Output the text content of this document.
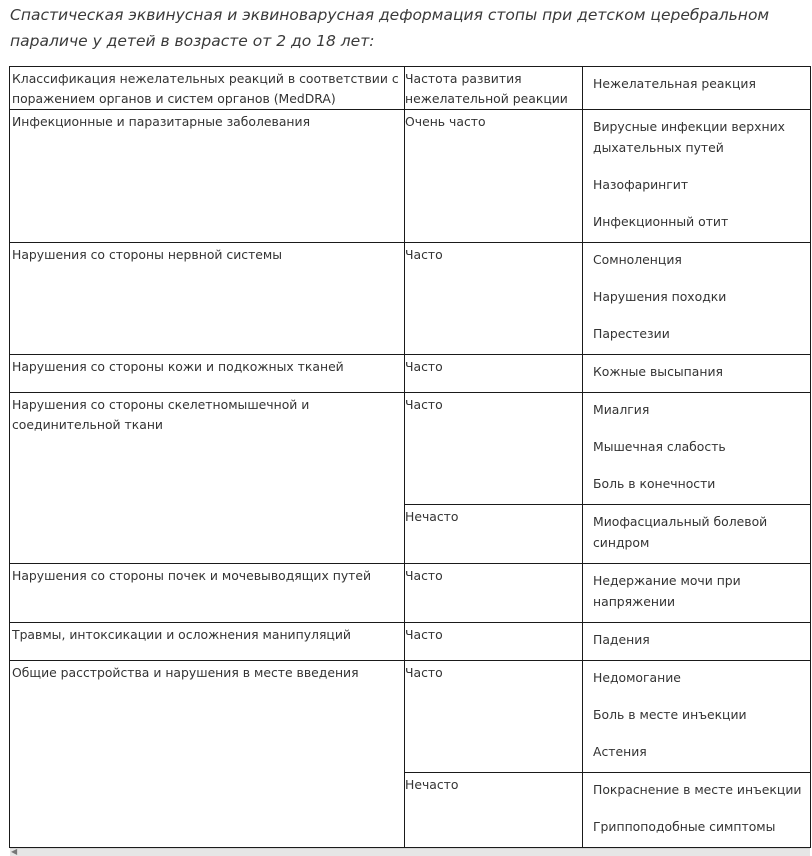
Спастическая эквинусная и эквиноварусная деформация стопы при детском церебральном параличе у детей в возрасте от 2 до 18 лет:

Классификация нежелательных реакций в соответствии с поражением органов и систем органов (MedDRA)	Частота развития нежелательной реакции	Нежелательная реакция

Инфекционные и паразитарные заболевания	Очень часто	Вирусные инфекции верхних дыхательных путей
Назофарингит
Инфекционный отит

Нарушения со стороны нервной системы	Часто	Сомноленция
Нарушения походки
Парестезии

Нарушения со стороны кожи и подкожных тканей	Часто	Кожные высыпания

Нарушения со стороны скелетномышечной и соединительной ткани	Часто	Миалгия
Мышечная слабость
Боль в конечности

	Нечасто	Миофасциальный болевой синдром

Нарушения со стороны почек и мочевыводящих путей	Часто	Недержание мочи при напряжении

Травмы, интоксикации и осложнения манипуляций	Часто	Падения

Общие расстройства и нарушения в месте введения	Часто	Недомогание
Боль в месте инъекции
Астения

	Нечасто	Покраснение в месте инъекции
Гриппоподобные симптомы
◀
